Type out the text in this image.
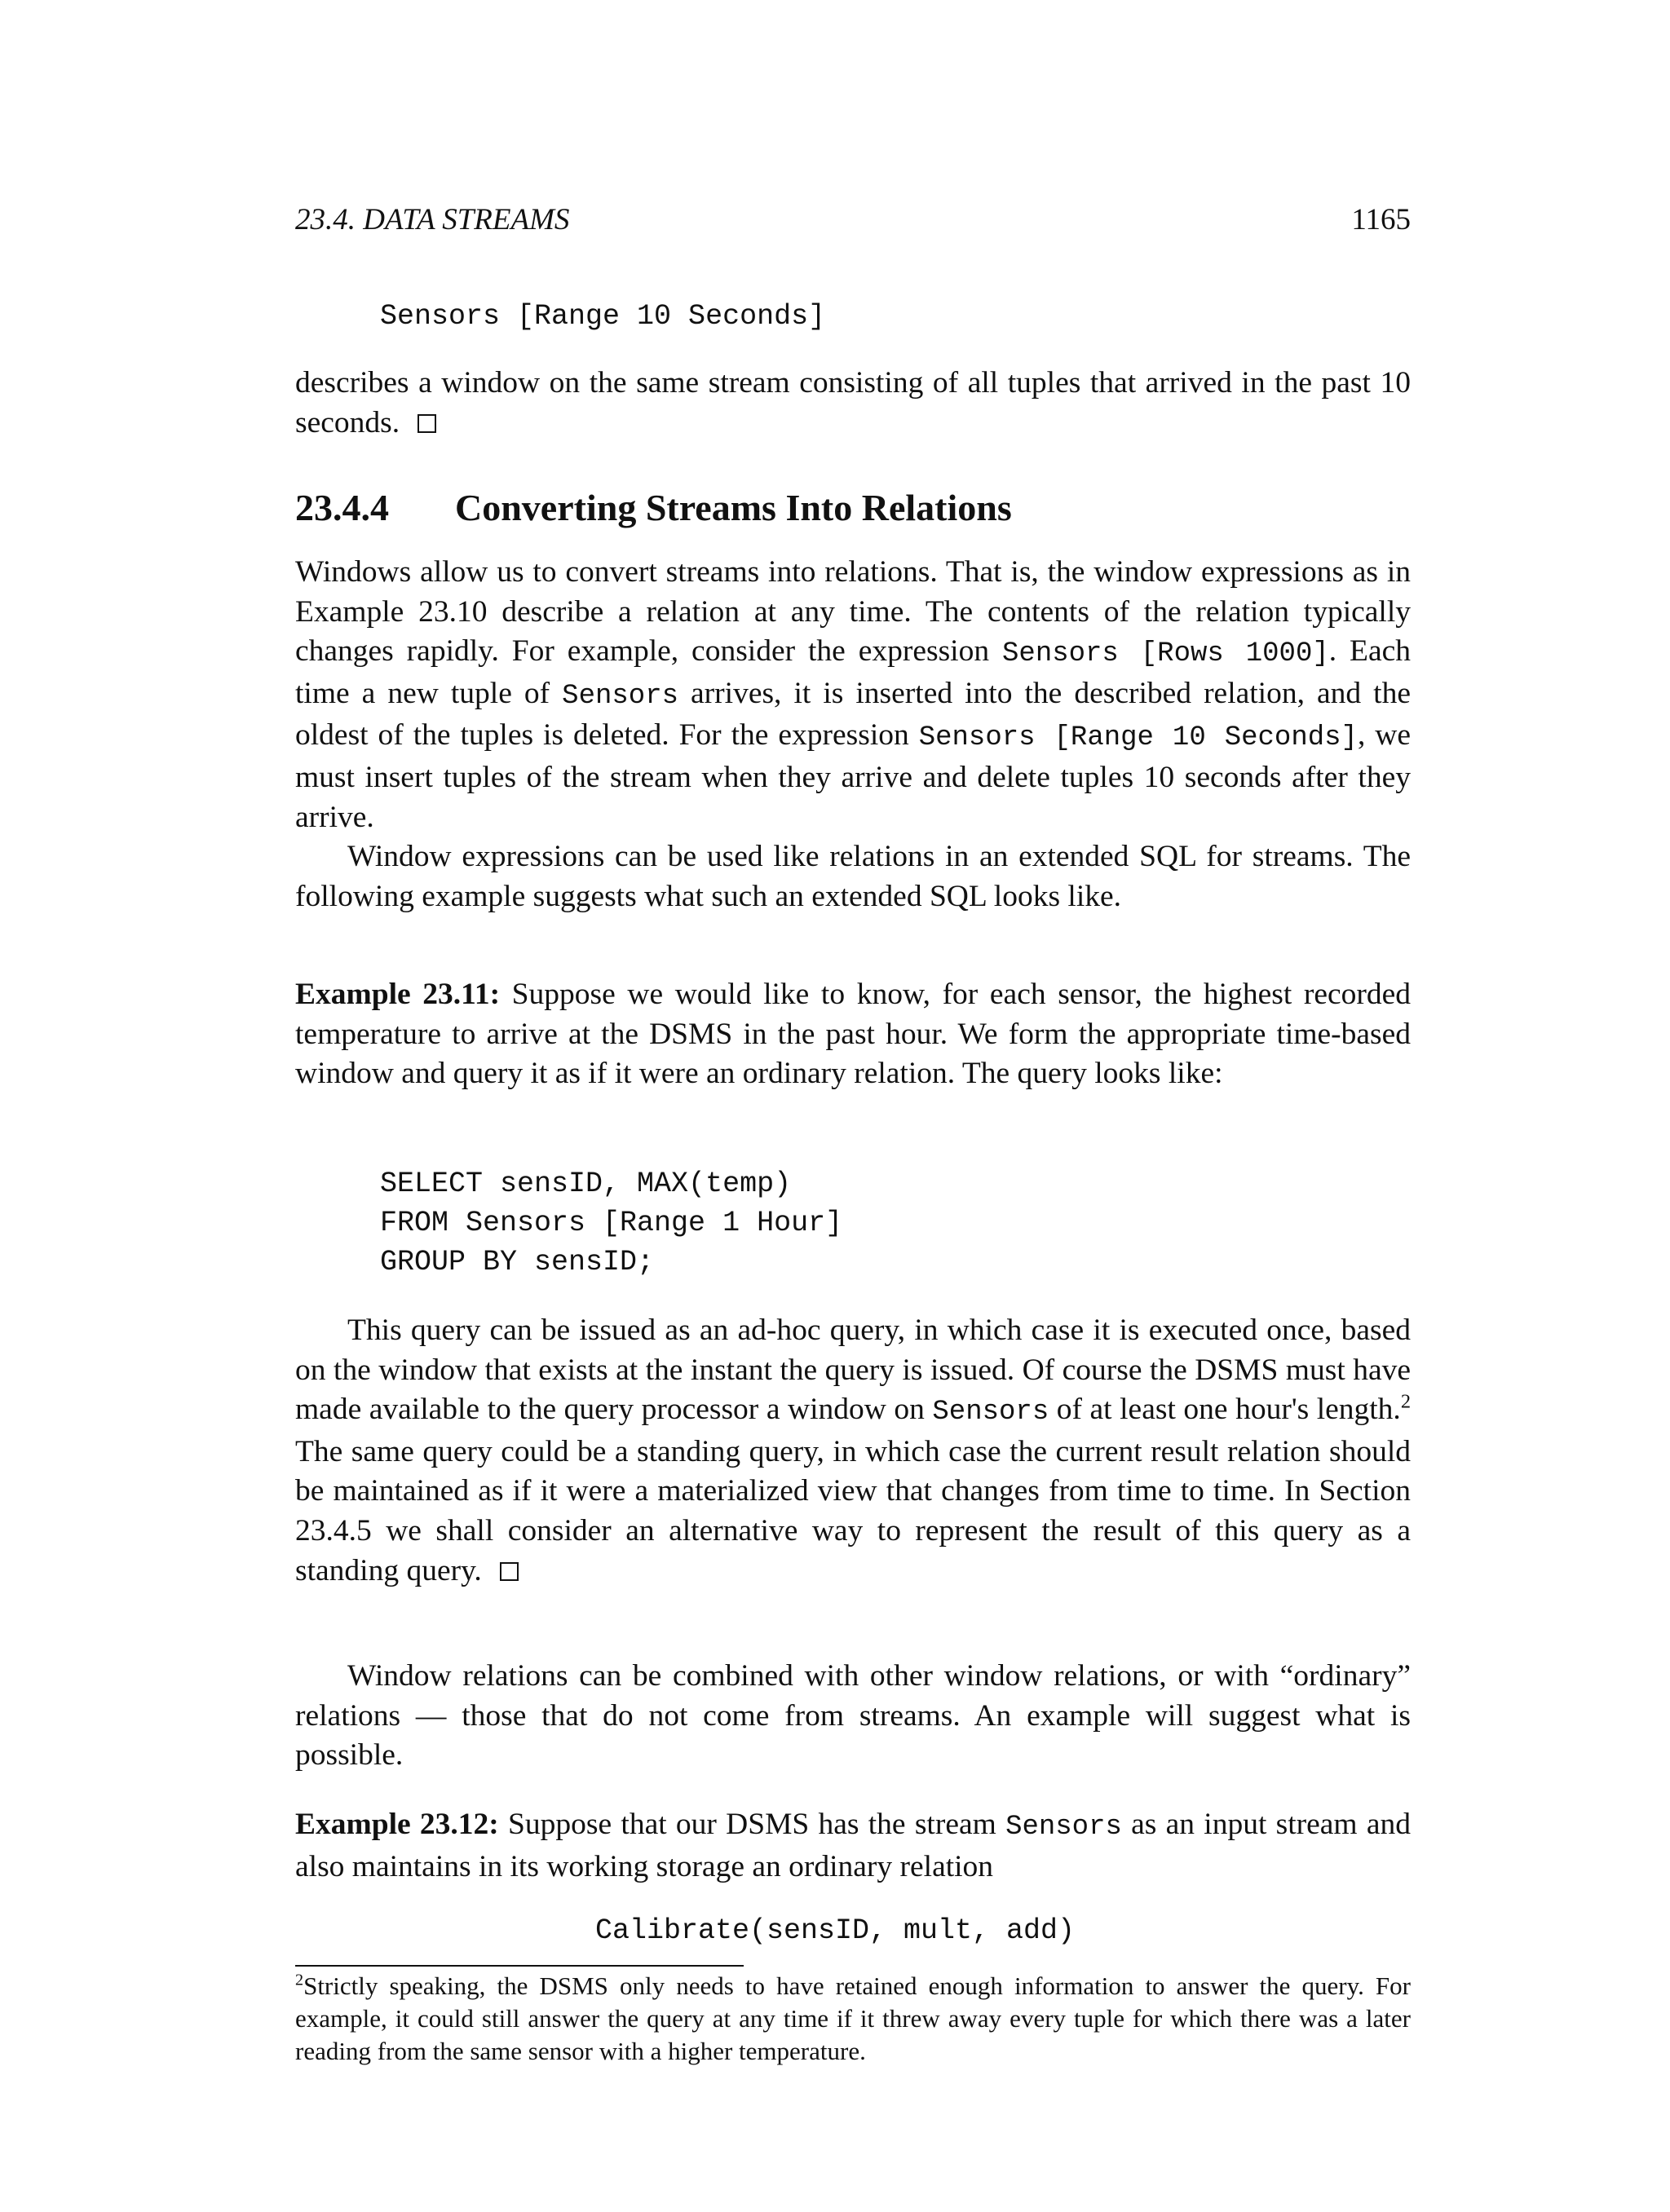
23.4. DATA STREAMS	1165
Sensors [Range 10 Seconds]

describes a window on the same stream consisting of all tuples that arrived in the past 10 seconds.

23.4.4 Converting Streams Into Relations

Windows allow us to convert streams into relations. That is, the window expressions as in Example 23.10 describe a relation at any time. The contents of the relation typically changes rapidly. For example, consider the expression Sensors [Rows 1000]. Each time a new tuple of Sensors arrives, it is inserted into the described relation, and the oldest of the tuples is deleted. For the expression Sensors [Range 10 Seconds], we must insert tuples of the stream when they arrive and delete tuples 10 seconds after they arrive.

Window expressions can be used like relations in an extended SQL for streams. The following example suggests what such an extended SQL looks like.

Example 23.11: Suppose we would like to know, for each sensor, the highest recorded temperature to arrive at the DSMS in the past hour. We form the appropriate time-based window and query it as if it were an ordinary relation. The query looks like:

SELECT sensID, MAX(temp)
FROM Sensors [Range 1 Hour]
GROUP BY sensID;

This query can be issued as an ad-hoc query, in which case it is executed once, based on the window that exists at the instant the query is issued. Of course the DSMS must have made available to the query processor a window on Sensors of at least one hour's length.$^2$ The same query could be a standing query, in which case the current result relation should be maintained as if it were a materialized view that changes from time to time. In Section 23.4.5 we shall consider an alternative way to represent the result of this query as a standing query.

Window relations can be combined with other window relations, or with “ordinary” relations — those that do not come from streams. An example will suggest what is possible.

Example 23.12: Suppose that our DSMS has the stream Sensors as an input stream and also maintains in its working storage an ordinary relation

Calibrate(sensID, mult, add)

$^2$Strictly speaking, the DSMS only needs to have retained enough information to answer the query. For example, it could still answer the query at any time if it threw away every tuple for which there was a later reading from the same sensor with a higher temperature.
